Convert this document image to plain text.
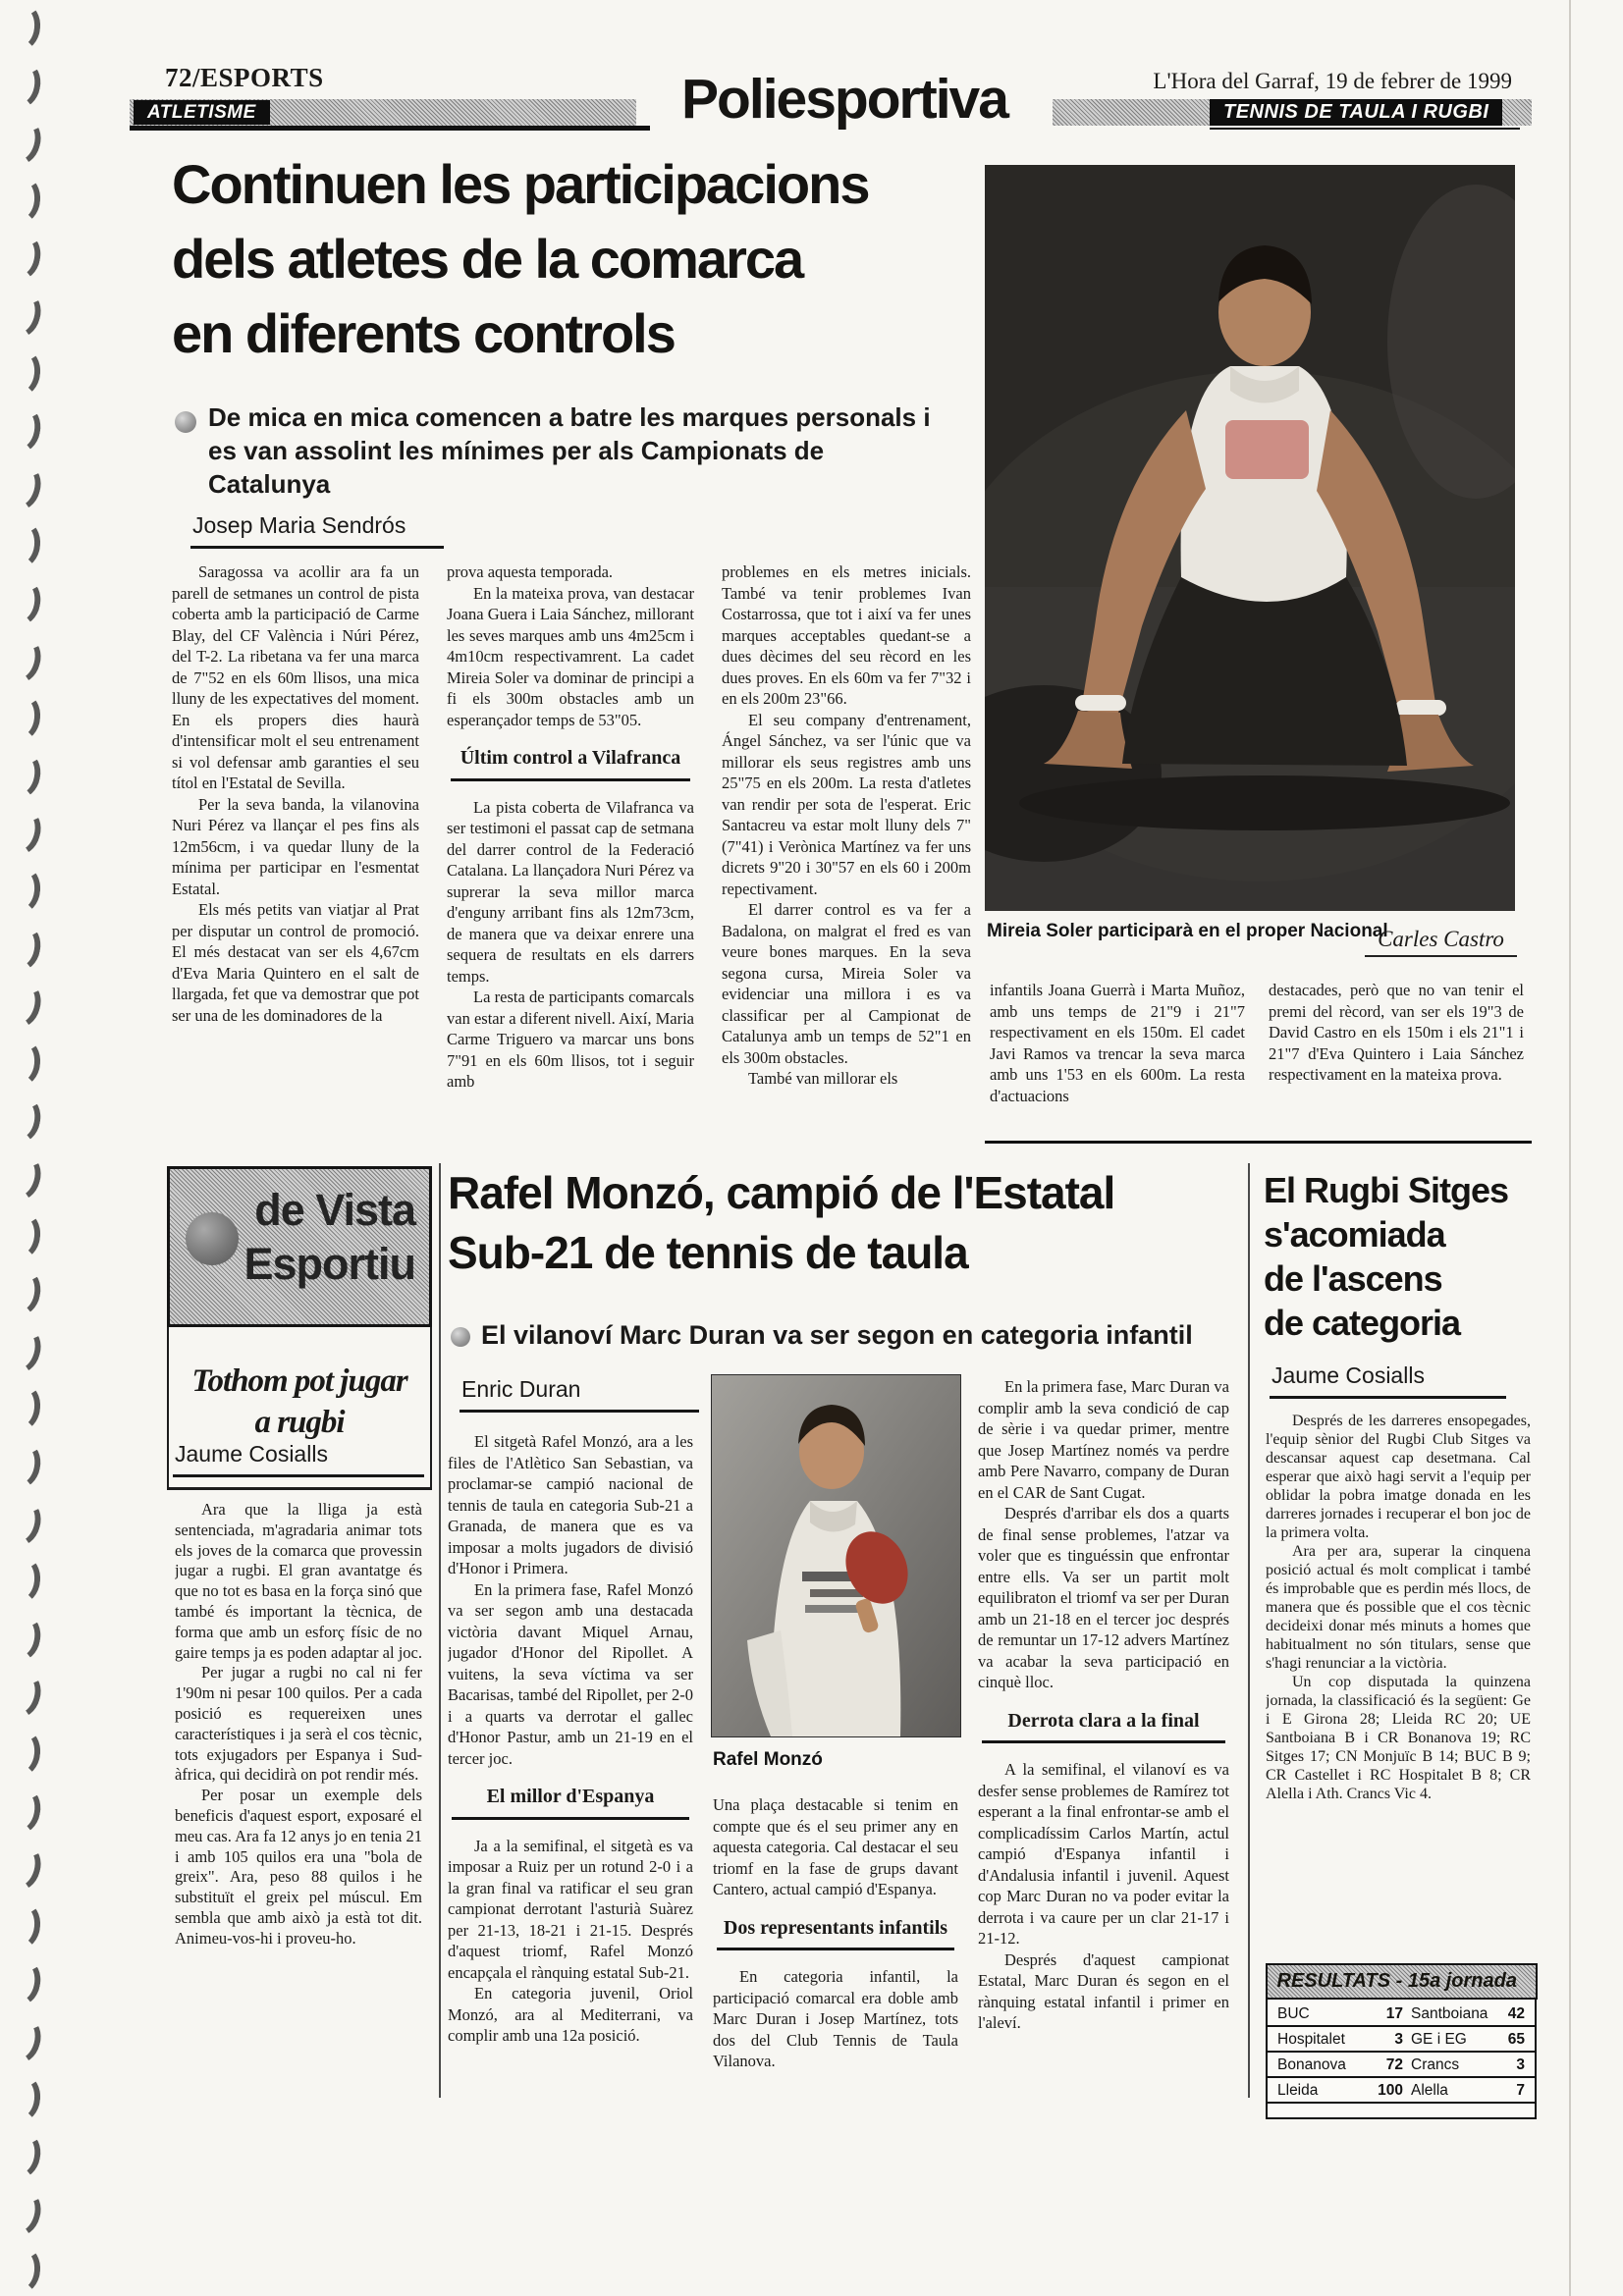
72/ESPORTS	L'Hora del Garraf, 19 de febrer de 1999
ATLETISME	Poliesportiva	TENNIS DE TAULA I RUGBI
Continuen les participacions
dels atletes de la comarca
en diferents controls
De mica en mica comencen a batre les marques personals i es van assolint les mínimes per als Campionats de Catalunya
Josep Maria Sendrós

Saragossa va acollir ara fa un parell de setmanes un control de pista coberta amb la participació de Carme Blay, del CF València i Núri Pérez, del T-2. La ribetana va fer una marca de 7"52 en els 60m llisos, una mica lluny de les expectatives del moment. En els propers dies haurà d'intensificar molt el seu entrenament si vol defensar amb garanties el seu títol en l'Estatal de Sevilla.

Per la seva banda, la vilanovina Nuri Pérez va llançar el pes fins als 12m56cm, i va quedar lluny de la mínima per participar en l'esmentat Estatal.

Els més petits van viatjar al Prat per disputar un control de promoció. El més destacat van ser els 4,67cm d'Eva Maria Quintero en el salt de llargada, fet que va demostrar que pot ser una de les dominadores de la

prova aquesta temporada.

En la mateixa prova, van destacar Joana Guera i Laia Sánchez, millorant les seves marques amb uns 4m25cm i 4m10cm respectivamrent. La cadet Mireia Soler va dominar de principi a fi els 300m obstacles amb un esperançador temps de 53"05.

Últim control a Vilafranca

La pista coberta de Vilafranca va ser testimoni el passat cap de setmana del darrer control de la Federació Catalana. La llançadora Nuri Pérez va suprerar la seva millor marca d'enguny arribant fins als 12m73cm, de manera que va deixar enrere una sequera de resultats en els darrers temps.

La resta de participants comarcals van estar a diferent nivell. Així, Maria Carme Triguero va marcar uns bons 7"91 en els 60m llisos, tot i seguir amb

problemes en els metres inicials. També va tenir problemes Ivan Costarrossa, que tot i així va fer unes marques acceptables quedant-se a dues dècimes del seu rècord en les dues proves. En els 60m va fer 7"32 i en els 200m 23"66.

El seu company d'entrenament, Ángel Sánchez, va ser l'únic que va millorar els seus registres amb uns 25"75 en els 200m. La resta d'atletes van rendir per sota de l'esperat. Eric Santacreu va estar molt lluny dels 7" (7"41) i Verònica Martínez va fer uns dicrets 9"20 i 30"57 en els 60 i 200m repectivament.

El darrer control es va fer a Badalona, on malgrat el fred es van veure bones marques. En la seva segona cursa, Mireia Soler va evidenciar una millora i es va classificar per al Campionat de Catalunya amb un temps de 52"1 en els 300m obstacles.

També van millorar els

Mireia Soler participarà en el proper Nacional
Carles Castro

infantils Joana Guerrà i Marta Muñoz, amb uns temps de 21"9 i 21"7 respectivament en els 150m. El cadet Javi Ramos va trencar la seva marca amb uns 1'53 en els 600m. La resta d'actuacions

destacades, però que no van tenir el premi del rècord, van ser els 19"3 de David Castro en els 150m i els 21"1 i 21"7 d'Eva Quintero i Laia Sánchez respectivament en la mateixa prova.

de Vista
Esportiu
Tothom pot jugar
a rugbi
Jaume Cosialls

Ara que la lliga ja està sentenciada, m'agradaria animar tots els joves de la comarca que provessin jugar a rugbi. El gran avantatge és que no tot es basa en la força sinó que també és important la tècnica, de forma que amb un esforç físic de no gaire temps ja es poden adaptar al joc.

Per jugar a rugbi no cal ni fer 1'90m ni pesar 100 quilos. Per a cada posició es requereixen unes característiques i ja serà el cos tècnic, tots exjugadors per Espanya i Sud-àfrica, qui decidirà on pot rendir més.

Per posar un exemple dels beneficis d'aquest esport, exposaré el meu cas. Ara fa 12 anys jo en tenia 21 i amb 105 quilos era una "bola de greix". Ara, peso 88 quilos i he substituït el greix pel múscul. Em sembla que amb això ja està tot dit. Animeu-vos-hi i proveu-ho.

Rafel Monzó, campió de l'Estatal
Sub-21 de tennis de taula
El vilanoví Marc Duran va ser segon en categoria infantil
Enric Duran

El sitgetà Rafel Monzó, ara a les files de l'Atlètico San Sebastian, va proclamar-se campió nacional de tennis de taula en categoria Sub-21 a Granada, de manera que es va imposar a molts jugadors de divisió d'Honor i Primera.

En la primera fase, Rafel Monzó va ser segon amb una destacada victòria davant Miquel Arnau, jugador d'Honor del Ripollet. A vuitens, la seva víctima va ser Bacarisas, també del Ripollet, per 2-0 i a quarts va derrotar el gallec d'Honor Pastur, amb un 21-19 en el tercer joc.

El millor d'Espanya

Ja a la semifinal, el sitgetà es va imposar a Ruiz per un rotund 2-0 i a la gran final va ratificar el seu gran campionat derrotant l'asturià Suàrez per 21-13, 18-21 i 21-15. Després d'aquest triomf, Rafel Monzó encapçala el rànquing estatal Sub-21.

En categoria juvenil, Oriol Monzó, ara al Mediterrani, va complir amb una 12a posició.

Rafel Monzó

Una plaça destacable si tenim en compte que és el seu primer any en aquesta categoria. Cal destacar el seu triomf en la fase de grups davant Cantero, actual campió d'Espanya.

Dos representants infantils

En categoria infantil, la participació comarcal era doble amb Marc Duran i Josep Martínez, tots dos del Club Tennis de Taula Vilanova.

En la primera fase, Marc Duran va complir amb la seva condició de cap de sèrie i va quedar primer, mentre que Josep Martínez només va perdre amb Pere Navarro, company de Duran en el CAR de Sant Cugat.

Després d'arribar els dos a quarts de final sense problemes, l'atzar va voler que es tinguéssin que enfrontar entre ells. Va ser un partit molt equilibraton el triomf va ser per Duran amb un 21-18 en el tercer joc després de remuntar un 17-12 advers Martínez va acabar la seva participació en cinquè lloc.

Derrota clara a la final

A la semifinal, el vilanoví es va desfer sense problemes de Ramírez tot esperant a la final enfrontar-se amb el complicadíssim Carlos Martín, actul campió d'Espanya infantil i d'Andalusia infantil i juvenil. Aquest cop Marc Duran no va poder evitar la derrota i va caure per un clar 21-17 i 21-12.

Després d'aquest campionat Estatal, Marc Duran és segon en el rànquing estatal infantil i primer en l'aleví.

El Rugbi Sitges
s'acomiada
de l'ascens
de categoria
Jaume Cosialls

Després de les darreres ensopegades, l'equip sènior del Rugbi Club Sitges va descansar aquest cap desetmana. Cal esperar que això hagi servit a l'equip per oblidar la pobra imatge donada en les darreres jornades i recuperar el bon joc de la primera volta.

Ara per ara, superar la cinquena posició actual és molt complicat i també és improbable que es perdin més llocs, de manera que és possible que el cos tècnic decideixi donar més minuts a homes que habitualment no són titulars, sense que s'hagi renunciar a la victòria.

Un cop disputada la quinzena jornada, la classificació és la següent: Ge i E Girona 28; Lleida RC 20; UE Santboiana B i CR Bonanova 19; RC Sitges 17; CN Monjuïc B 14; BUC B 9; CR Castellet i RC Hospitalet B 8; CR Alella i Ath. Crancs Vic 4.

RESULTATS - 15a jornada
BUC	17 Santboiana	42
Hospitalet	3 GE i EG	65
Bonanova	72 Crancs	3
Lleida	100 Alella	7
